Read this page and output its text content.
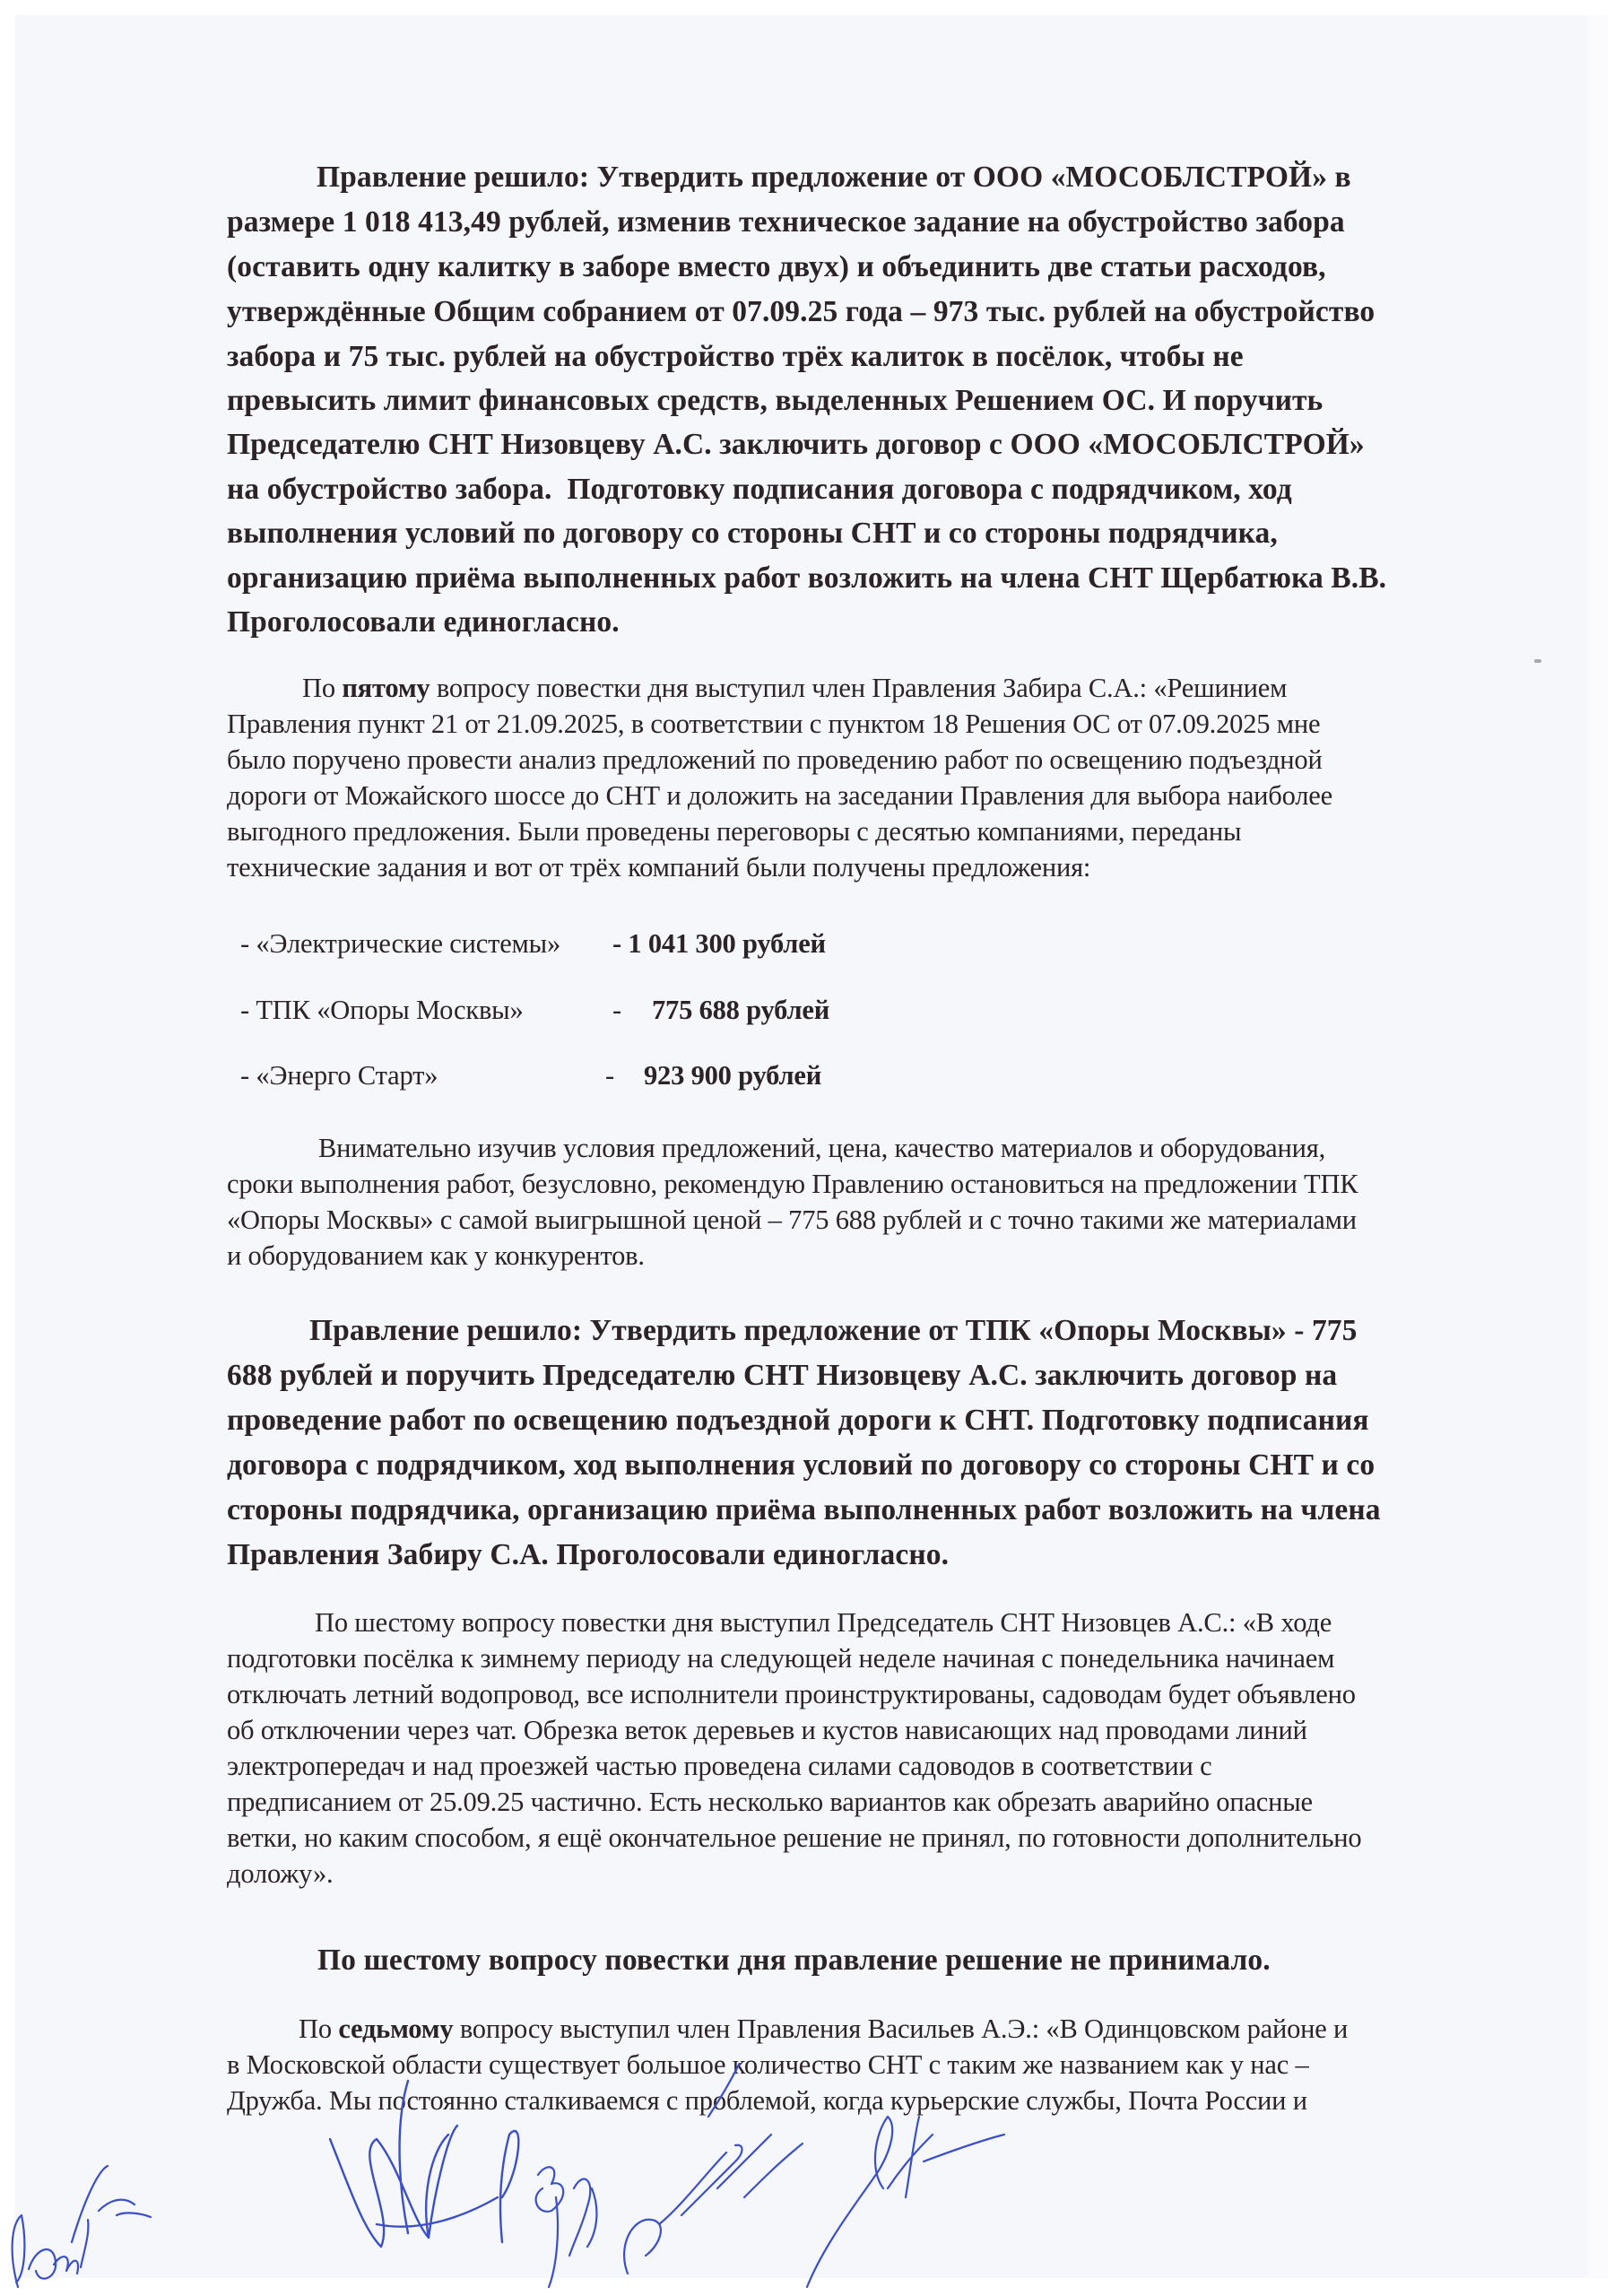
Правление решило: Утвердить предложение от ООО «МОСОБЛСТРОЙ» в
размере 1 018 413,49 рублей, изменив техническое задание на обустройство забора
(оставить одну калитку в заборе вместо двух) и объединить две статьи расходов,
утверждённые Общим собранием от 07.09.25 года – 973 тыс. рублей на обустройство
забора и 75 тыс. рублей на обустройство трёх калиток в посёлок, чтобы не
превысить лимит финансовых средств, выделенных Решением ОС. И поручить
Председателю СНТ Низовцеву А.С. заключить договор с ООО «МОСОБЛСТРОЙ»
на обустройство забора.  Подготовку подписания договора с подрядчиком, ход
выполнения условий по договору со стороны СНТ и со стороны подрядчика,
организацию приёма выполненных работ возложить на члена СНТ Щербатюка В.В.
Проголосовали единогласно.
По пятому вопросу повестки дня выступил член Правления Забира С.А.: «Решинием
Правления пункт 21 от 21.09.2025, в соответствии с пунктом 18 Решения ОС от 07.09.2025 мне
было поручено провести анализ предложений по проведению работ по освещению подъездной
дороги от Можайского шоссе до СНТ и доложить на заседании Правления для выбора наиболее
выгодного предложения. Были проведены переговоры с десятью компаниями, переданы
технические задания и вот от трёх компаний были получены предложения:
- «Электрические системы» - 1 041 300 рублей
- ТПК «Опоры Москвы»	- 775 688 рублей
- «Энерго Старт»	- 923 900 рублей
Внимательно изучив условия предложений, цена, качество материалов и оборудования,
сроки выполнения работ, безусловно, рекомендую Правлению остановиться на предложении ТПК
«Опоры Москвы» с самой выигрышной ценой – 775 688 рублей и с точно такими же материалами
и оборудованием как у конкурентов.
Правление решило: Утвердить предложение от ТПК «Опоры Москвы» - 775
688 рублей и поручить Председателю СНТ Низовцеву А.С. заключить договор на
проведение работ по освещению подъездной дороги к СНТ. Подготовку подписания
договора с подрядчиком, ход выполнения условий по договору со стороны СНТ и со
стороны подрядчика, организацию приёма выполненных работ возложить на члена
Правления Забиру С.А. Проголосовали единогласно.
По шестому вопросу повестки дня выступил Председатель СНТ Низовцев А.С.: «В ходе
подготовки посёлка к зимнему периоду на следующей неделе начиная с понедельника начинаем
отключать летний водопровод, все исполнители проинструктированы, садоводам будет объявлено
об отключении через чат. Обрезка веток деревьев и кустов нависающих над проводами линий
электропередач и над проезжей частью проведена силами садоводов в соответствии с
предписанием от 25.09.25 частично. Есть несколько вариантов как обрезать аварийно опасные
ветки, но каким способом, я ещё окончательное решение не принял, по готовности дополнительно
доложу».
По шестому вопросу повестки дня правление решение не принимало.
По седьмому вопросу выступил член Правления Васильев А.Э.: «В Одинцовском районе и
в Московской области существует большое количество СНТ с таким же названием как у нас –
Дружба. Мы постоянно сталкиваемся с проблемой, когда курьерские службы, Почта России и
